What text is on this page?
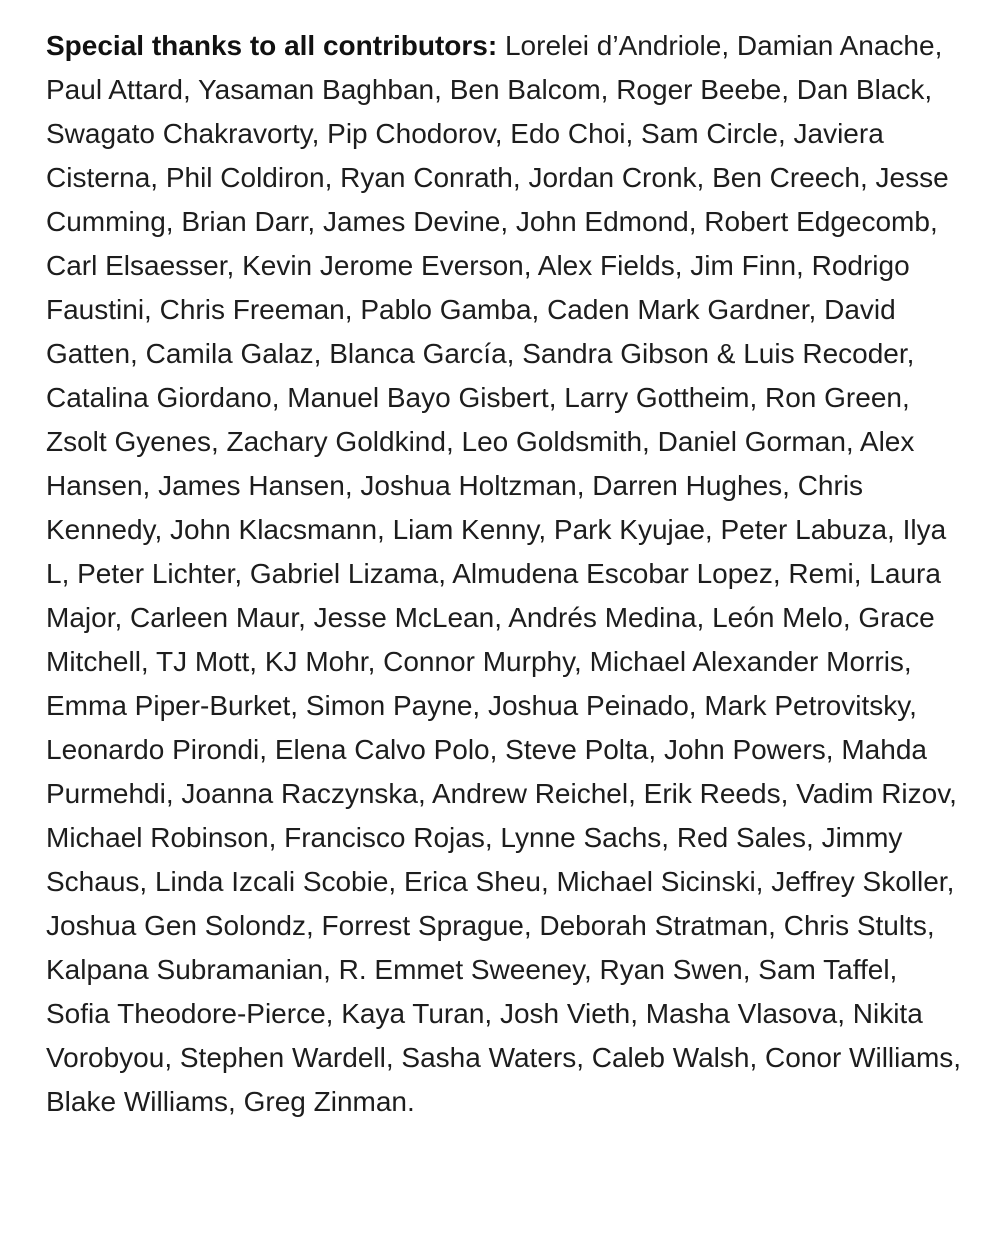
Special thanks to all contributors: Lorelei d’Andriole, Damian Anache, Paul Attard, Yasaman Baghban, Ben Balcom, Roger Beebe, Dan Black, Swagato Chakravorty, Pip Chodorov, Edo Choi, Sam Circle, Javiera Cisterna, Phil Coldiron, Ryan Conrath, Jordan Cronk, Ben Creech, Jesse Cumming, Brian Darr, James Devine, John Edmond, Robert Edgecomb, Carl Elsaesser, Kevin Jerome Everson, Alex Fields, Jim Finn, Rodrigo Faustini, Chris Freeman, Pablo Gamba, Caden Mark Gardner, David Gatten, Camila Galaz, Blanca García, Sandra Gibson & Luis Recoder, Catalina Giordano, Manuel Bayo Gisbert, Larry Gottheim, Ron Green, Zsolt Gyenes, Zachary Goldkind, Leo Goldsmith, Daniel Gorman, Alex Hansen, James Hansen, Joshua Holtzman, Darren Hughes, Chris Kennedy, John Klacsmann, Liam Kenny, Park Kyujae, Peter Labuza, Ilya L, Peter Lichter, Gabriel Lizama, Almudena Escobar Lopez, Remi, Laura Major, Carleen Maur, Jesse McLean, Andrés Medina, León Melo, Grace Mitchell, TJ Mott, KJ Mohr, Connor Murphy, Michael Alexander Morris, Emma Piper-Burket, Simon Payne, Joshua Peinado, Mark Petrovitsky, Leonardo Pirondi, Elena Calvo Polo, Steve Polta, John Powers, Mahda Purmehdi, Joanna Raczynska, Andrew Reichel, Erik Reeds, Vadim Rizov, Michael Robinson, Francisco Rojas, Lynne Sachs, Red Sales, Jimmy Schaus, Linda Izcali Scobie, Erica Sheu, Michael Sicinski, Jeffrey Skoller, Joshua Gen Solondz, Forrest Sprague, Deborah Stratman, Chris Stults, Kalpana Subramanian, R. Emmet Sweeney, Ryan Swen, Sam Taffel, Sofia Theodore-Pierce, Kaya Turan, Josh Vieth, Masha Vlasova, Nikita Vorobyou, Stephen Wardell, Sasha Waters, Caleb Walsh, Conor Williams, Blake Williams, Greg Zinman.
